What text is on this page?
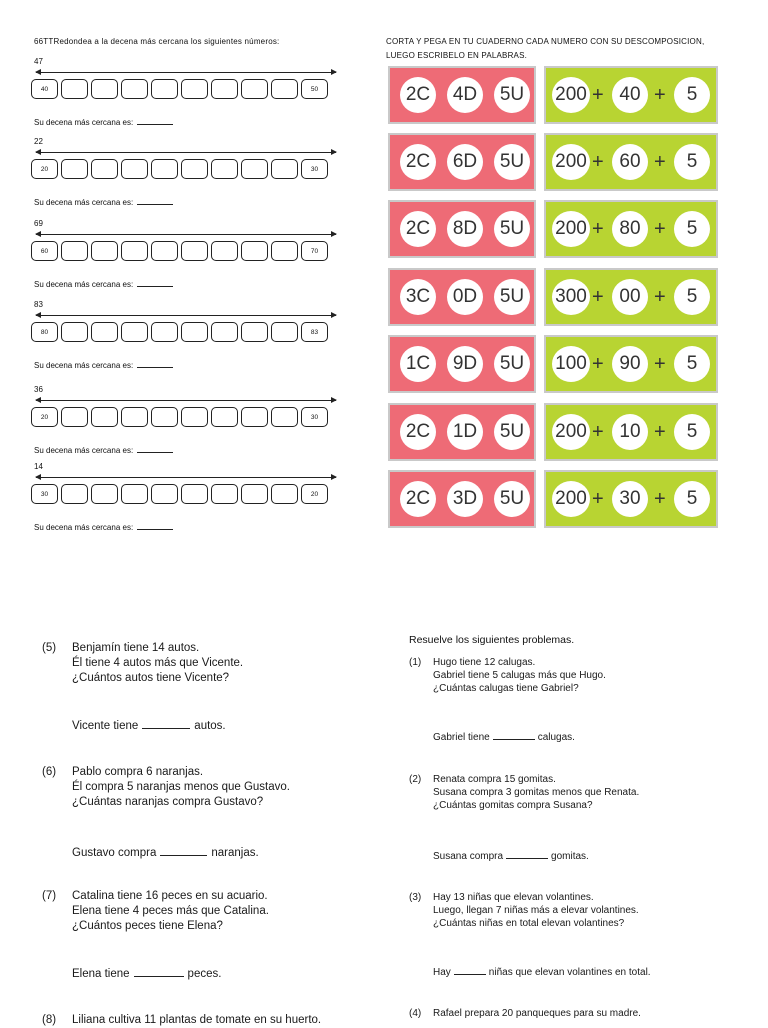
66TTRedondea a la decena más cercana los siguientes números:
47
40	50
Su decena más cercana es:
22
20	30
Su decena más cercana es:
69
60	70
Su decena más cercana es:
83
80	83
Su decena más cercana es:
36
20	30
Su decena más cercana es:
14
30	20
Su decena más cercana es:
CORTA Y PEGA EN TU CUADERNO CADA NUMERO CON SU DESCOMPOSICION,
LUEGO ESCRIBELO EN PALABRAS.
2C	4D	5U	200 + 40 +	5
2C	6D	5U	200 + 60 +	5
2C	8D	5U	200 + 80 +	5
3C	0D	5U	300 + 00 +	5
1C	9D	5U	100 + 90 +	5
2C	1D	5U	200 + 10 +	5
2C	3D	5U	200 + 30 +	5
(5) Benjamín tiene 14 autos.
Él tiene 4 autos más que Vicente.
¿Cuántos autos tiene Vicente?
Vicente tiene	autos.
(6) Pablo compra 6 naranjas.
Él compra 5 naranjas menos que Gustavo.
¿Cuántas naranjas compra Gustavo?
Gustavo compra	naranjas.
(7) Catalina tiene 16 peces en su acuario.
Elena tiene 4 peces más que Catalina.
¿Cuántos peces tiene Elena?
Elena tiene	peces.
(8) Liliana cultiva 11 plantas de tomate en su huerto.
Resuelve los siguientes problemas.
(1) Hugo tiene 12 calugas.
Gabriel tiene 5 calugas más que Hugo.
¿Cuántas calugas tiene Gabriel?
Gabriel tiene	calugas.
(2) Renata compra 15 gomitas.
Susana compra 3 gomitas menos que Renata.
¿Cuántas gomitas compra Susana?
Susana compra	gomitas.
(3) Hay 13 niñas que elevan volantines.
Luego, llegan 7 niñas más a elevar volantines.
¿Cuántas niñas en total elevan volantines?
Hay	niñas que elevan volantines en total.
(4) Rafael prepara 20 panqueques para su madre.
